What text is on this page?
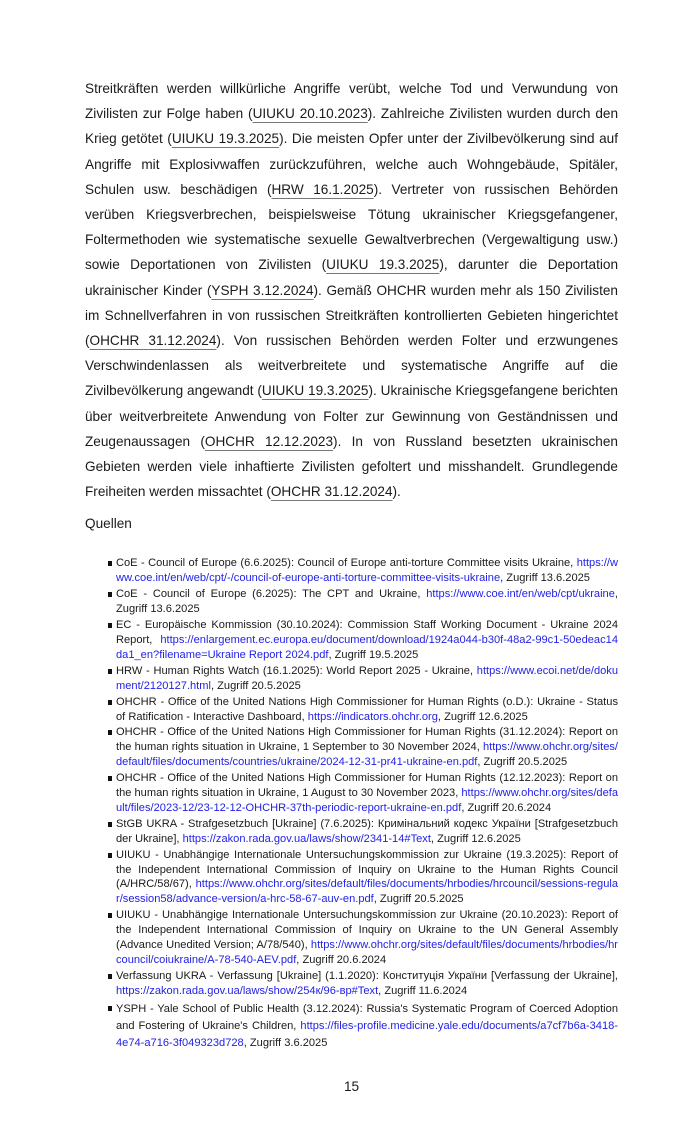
Streitkräften werden willkürliche Angriffe verübt, welche Tod und Verwundung von Zivilisten zur Folge haben (UIUKU 20.10.2023). Zahlreiche Zivilisten wurden durch den Krieg getötet (UIUKU 19.3.2025). Die meisten Opfer unter der Zivilbevölkerung sind auf Angriffe mit Explosivwaffen zurückzuführen, welche auch Wohngebäude, Spitäler, Schulen usw. beschädigen (HRW 16.1.2025). Vertreter von russischen Behörden verüben Kriegsverbrechen, beispielsweise Tötung ukrainischer Kriegsgefangener, Foltermethoden wie systematische sexuelle Gewaltverbrechen (Vergewaltigung usw.) sowie Deportationen von Zivilisten (UIUKU 19.3.2025), darunter die Deportation ukrainischer Kinder (YSPH 3.12.2024). Gemäß OHCHR wurden mehr als 150 Zivilisten im Schnellverfahren in von russischen Streitkräften kontrollierten Gebieten hingerichtet (OHCHR 31.12.2024). Von russischen Behörden werden Folter und erzwungenes Verschwindenlassen als weitverbreitete und systematische Angriffe auf die Zivilbevölkerung angewandt (UIUKU 19.3.2025). Ukrainische Kriegsgefangene berichten über weitverbreitete Anwendung von Folter zur Gewinnung von Geständnissen und Zeugenaussagen (OHCHR 12.12.2023). In von Russland besetzten ukrainischen Gebieten werden viele inhaftierte Zivilisten gefoltert und misshandelt. Grundlegende Freiheiten werden missachtet (OHCHR 31.12.2024).

Quellen

CoE - Council of Europe (6.6.2025): Council of Europe anti-torture Committee visits Ukraine, https://www.coe.int/en/web/cpt/-/council-of-europe-anti-torture-committee-visits-ukraine, Zugriff 13.6.2025
CoE - Council of Europe (6.2025): The CPT and Ukraine, https://www.coe.int/en/web/cpt/ukraine, Zugriff 13.6.2025
EC - Europäische Kommission (30.10.2024): Commission Staff Working Document - Ukraine 2024 Report, https://enlargement.ec.europa.eu/document/download/1924a044-b30f-48a2-99c1-50edeac14da1_en?filename=Ukraine Report 2024.pdf, Zugriff 19.5.2025
HRW - Human Rights Watch (16.1.2025): World Report 2025 - Ukraine, https://www.ecoi.net/de/dokument/2120127.html, Zugriff 20.5.2025
OHCHR - Office of the United Nations High Commissioner for Human Rights (o.D.): Ukraine - Status of Ratification - Interactive Dashboard, https://indicators.ohchr.org, Zugriff 12.6.2025
OHCHR - Office of the United Nations High Commissioner for Human Rights (31.12.2024): Report on the human rights situation in Ukraine, 1 September to 30 November 2024, https://www.ohchr.org/sites/default/files/documents/countries/ukraine/2024-12-31-pr41-ukraine-en.pdf, Zugriff 20.5.2025
OHCHR - Office of the United Nations High Commissioner for Human Rights (12.12.2023): Report on the human rights situation in Ukraine, 1 August to 30 November 2023, https://www.ohchr.org/sites/default/files/2023-12/23-12-12-OHCHR-37th-periodic-report-ukraine-en.pdf, Zugriff 20.6.2024
StGB UKRA - Strafgesetzbuch [Ukraine] (7.6.2025): Кримінальний кодекс України [Strafgesetzbuch der Ukraine], https://zakon.rada.gov.ua/laws/show/2341-14#Text, Zugriff 12.6.2025
UIUKU - Unabhängige Internationale Untersuchungskommission zur Ukraine (19.3.2025): Report of the Independent International Commission of Inquiry on Ukraine to the Human Rights Council (A/HRC/58/67), https://www.ohchr.org/sites/default/files/documents/hrbodies/hrcouncil/sessions-regular/session58/advance-version/a-hrc-58-67-auv-en.pdf, Zugriff 20.5.2025
UIUKU - Unabhängige Internationale Untersuchungskommission zur Ukraine (20.10.2023): Report of the Independent International Commission of Inquiry on Ukraine to the UN General Assembly (Advance Unedited Version; A/78/540), https://www.ohchr.org/sites/default/files/documents/hrbodies/hrcouncil/coiukraine/A-78-540-AEV.pdf, Zugriff 20.6.2024
Verfassung UKRA - Verfassung [Ukraine] (1.1.2020): Конституція України [Verfassung der Ukraine], https://zakon.rada.gov.ua/laws/show/254к/96-вр#Text, Zugriff 11.6.2024
YSPH - Yale School of Public Health (3.12.2024): Russia's Systematic Program of Coerced Adoption and Fostering of Ukraine's Children, https://files-profile.medicine.yale.edu/documents/a7cf7b6a-3418-4e74-a716-3f049323d728, Zugriff 3.6.2025
15
